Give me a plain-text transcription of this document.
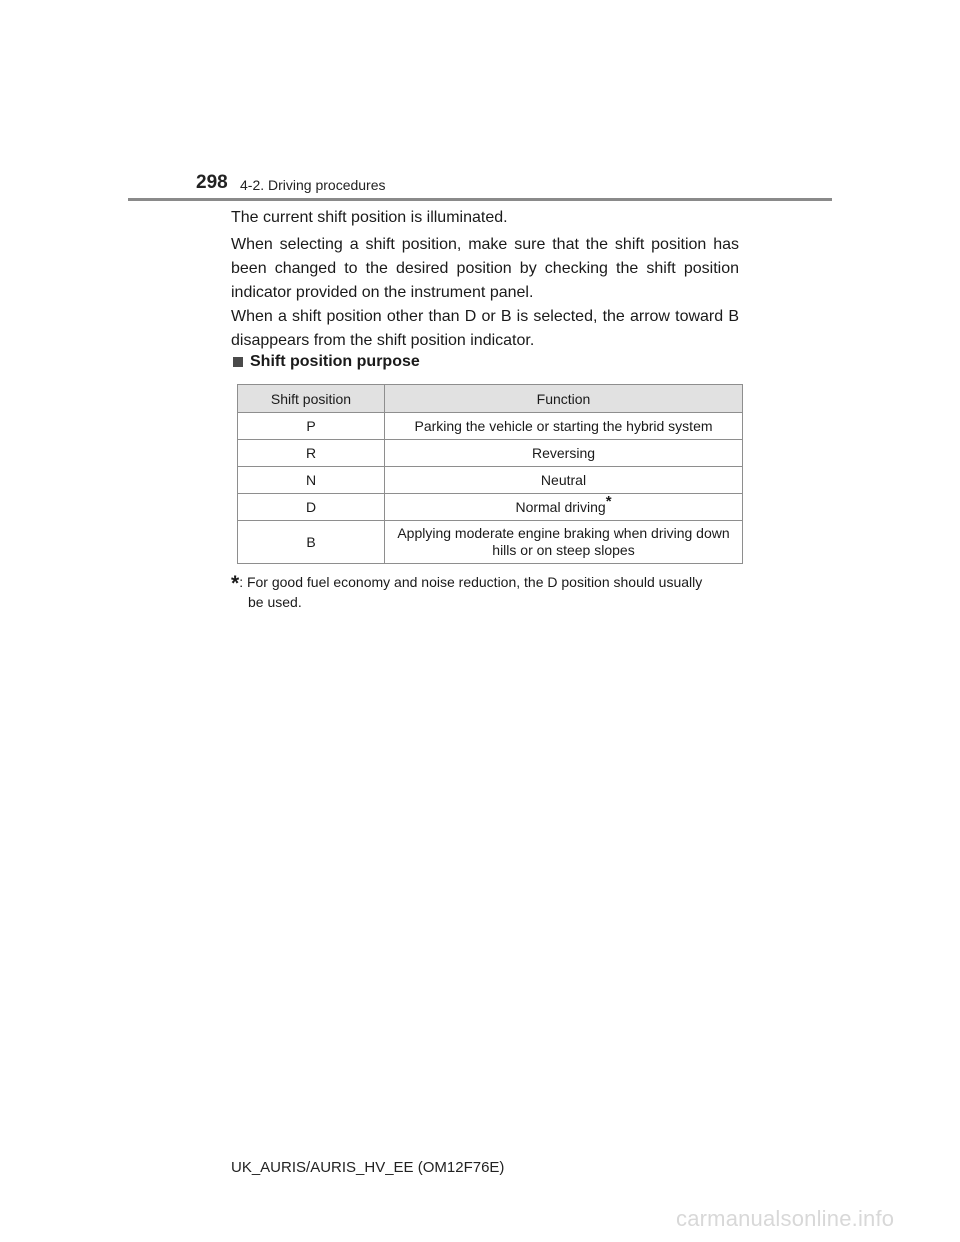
298 4-2. Driving procedures

The current shift position is illuminated.

When selecting a shift position, make sure that the shift position has been changed to the desired position by checking the shift position indicator provided on the instrument panel.

When a shift position other than D or B is selected, the arrow toward B disappears from the shift position indicator.

Shift position purpose
Shift position	Function
P	Parking the vehicle or starting the hybrid system
R	Reversing
N	Neutral
D	Normal driving*
B	Applying moderate engine braking when driving down hills or on steep slopes
*: For good fuel economy and noise reduction, the D position should usually
be used.
UK_AURIS/AURIS_HV_EE (OM12F76E)
carmanualsonline.info
